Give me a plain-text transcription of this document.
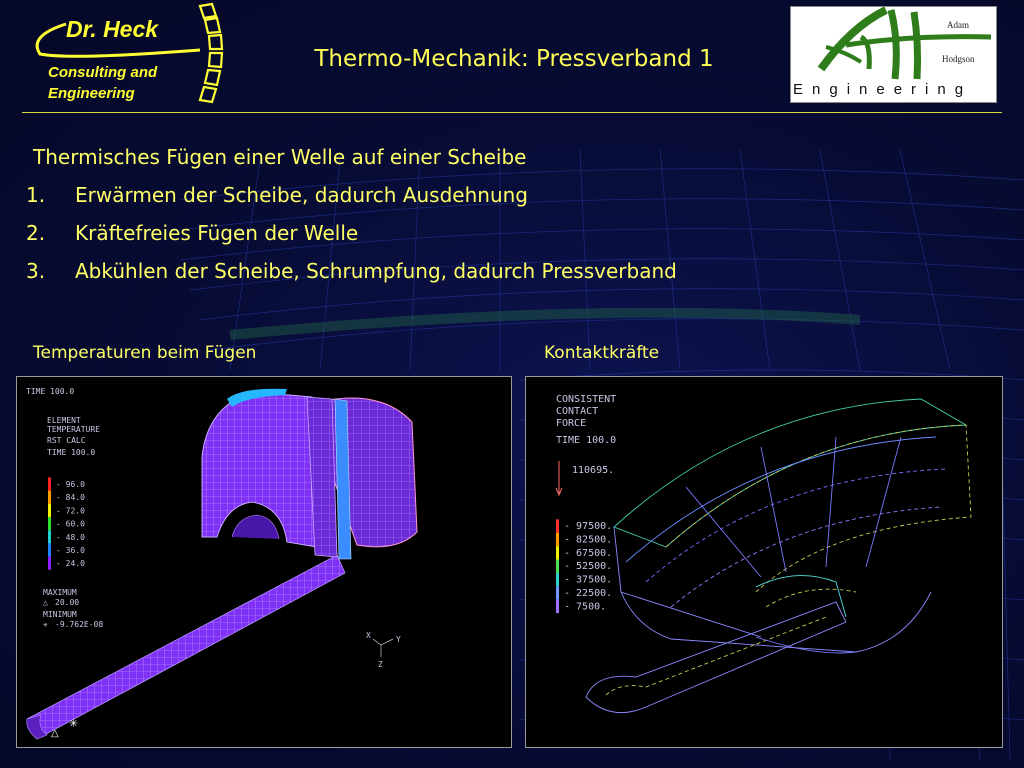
Dr. Heck
Consulting and
Engineering
Thermo-Mechanik: Pressverband 1
Adam
Hodgson
Engineering
Thermisches Fügen einer Welle auf einer Scheibe
1. Erwärmen der Scheibe, dadurch Ausdehnung
2. Kräftefreies Fügen der Welle
3. Abkühlen der Scheibe, Schrumpfung, dadurch Pressverband
Temperaturen beim Fügen	Kontaktkräfte
TIME 100.0
ELEMENT
TEMPERATURE
RST CALC
TIME 100.0
- 96.0
- 84.0
- 72.0
- 60.0
- 48.0
- 36.0
- 24.0
MAXIMUM
△ 20.00
MINIMUM
✳ -9.762E-08
△
✳
X	Y
Z
CONSISTENT
CONTACT
FORCE
TIME 100.0
110695.
- 97500.
- 82500.
- 67500.
- 52500.
- 37500.
- 22500.
- 7500.
